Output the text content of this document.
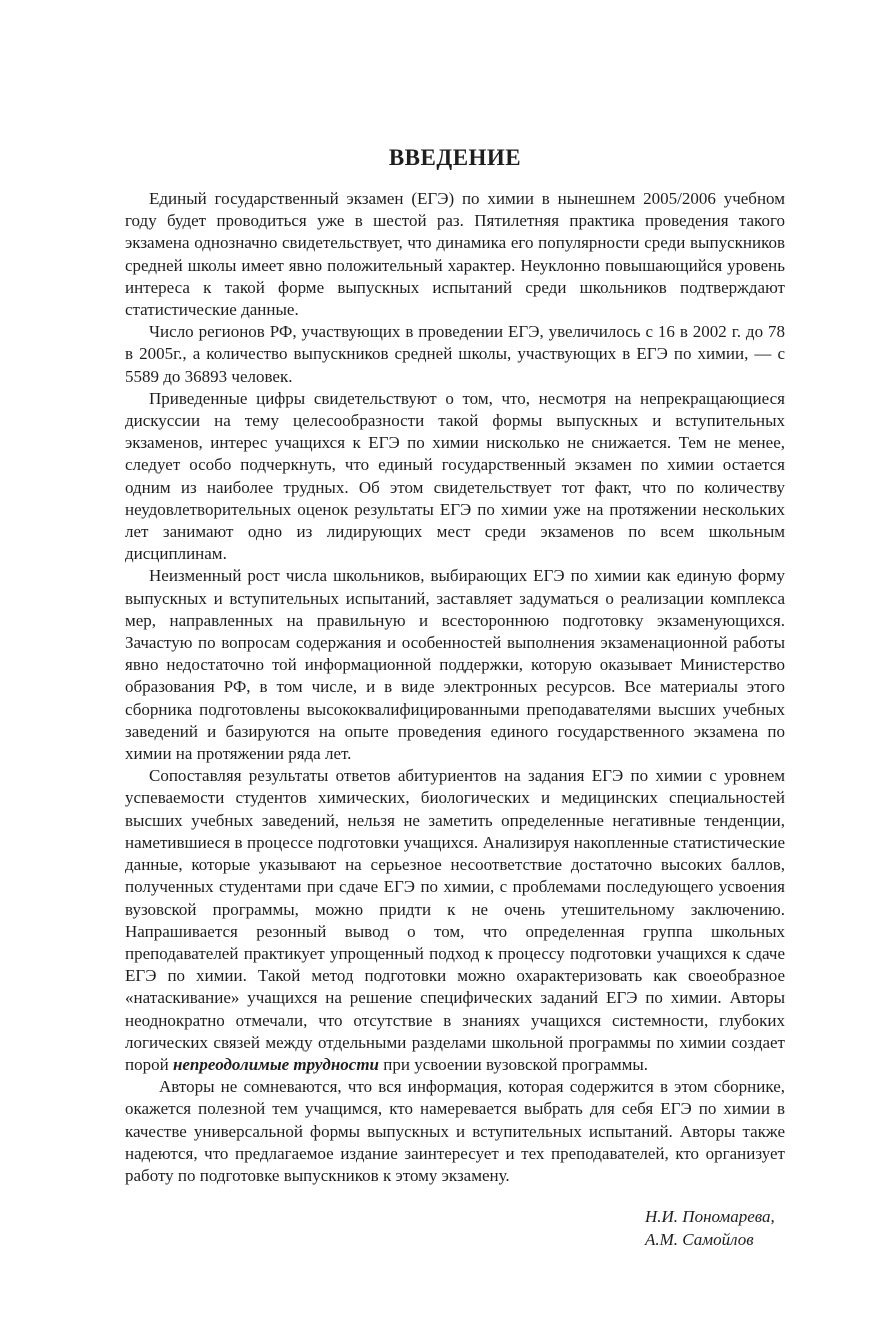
ВВЕДЕНИЕ

Единый государственный экзамен (ЕГЭ) по химии в нынешнем 2005/2006 учебном году будет проводиться уже в шестой раз. Пятилетняя практика проведения такого экзамена однозначно свидетельствует, что динамика его популярности среди выпускников средней школы имеет явно положительный характер. Неуклонно повышающийся уровень интереса к такой форме выпускных испытаний среди школьников подтверждают статистические данные.

Число регионов РФ, участвующих в проведении ЕГЭ, увеличилось с 16 в 2002 г. до 78 в 2005г., а количество выпускников средней школы, участвующих в ЕГЭ по химии, — с 5589 до 36893 человек.

Приведенные цифры свидетельствуют о том, что, несмотря на непрекращающиеся дискуссии на тему целесообразности такой формы выпускных и вступительных экзаменов, интерес учащихся к ЕГЭ по химии нисколько не снижается. Тем не менее, следует особо подчеркнуть, что единый государственный экзамен по химии остается одним из наиболее трудных. Об этом свидетельствует тот факт, что по количеству неудовлетворительных оценок результаты ЕГЭ по химии уже на протяжении нескольких лет занимают одно из лидирующих мест среди экзаменов по всем школьным дисциплинам.

Неизменный рост числа школьников, выбирающих ЕГЭ по химии как единую форму выпускных и вступительных испытаний, заставляет задуматься о реализации комплекса мер, направленных на правильную и всестороннюю подготовку экзаменующихся. Зачастую по вопросам содержания и особенностей выполнения экзаменационной работы явно недостаточно той информационной поддержки, которую оказывает Министерство образования РФ, в том числе, и в виде электронных ресурсов. Все материалы этого сборника подготовлены высококвалифицированными преподавателями высших учебных заведений и базируются на опыте проведения единого государственного экзамена по химии на протяжении ряда лет.

Сопоставляя результаты ответов абитуриентов на задания ЕГЭ по химии с уровнем успеваемости студентов химических, биологических и медицинских специальностей высших учебных заведений, нельзя не заметить определенные негативные тенденции, наметившиеся в процессе подготовки учащихся. Анализируя накопленные статистические данные, которые указывают на серьезное несоответствие достаточно высоких баллов, полученных студентами при сдаче ЕГЭ по химии, с проблемами последующего усвоения вузовской программы, можно придти к не очень утешительному заключению. Напрашивается резонный вывод о том, что определенная группа школьных преподавателей практикует упрощенный подход к процессу подготовки учащихся к сдаче ЕГЭ по химии. Такой метод подготовки можно охарактеризовать как своеобразное «натаскивание» учащихся на решение специфических заданий ЕГЭ по химии. Авторы неоднократно отмечали, что отсутствие в знаниях учащихся системности, глубоких логических связей между отдельными разделами школьной программы по химии создает порой непреодолимые трудности при усвоении вузовской программы.

Авторы не сомневаются, что вся информация, которая содержится в этом сборнике, окажется полезной тем учащимся, кто намеревается выбрать для себя ЕГЭ по химии в качестве универсальной формы выпускных и вступительных испытаний. Авторы также надеются, что предлагаемое издание заинтересует и тех преподавателей, кто организует работу по подготовке выпускников к этому экзамену.

Н.И. Пономарева,
А.М. Самойлов
